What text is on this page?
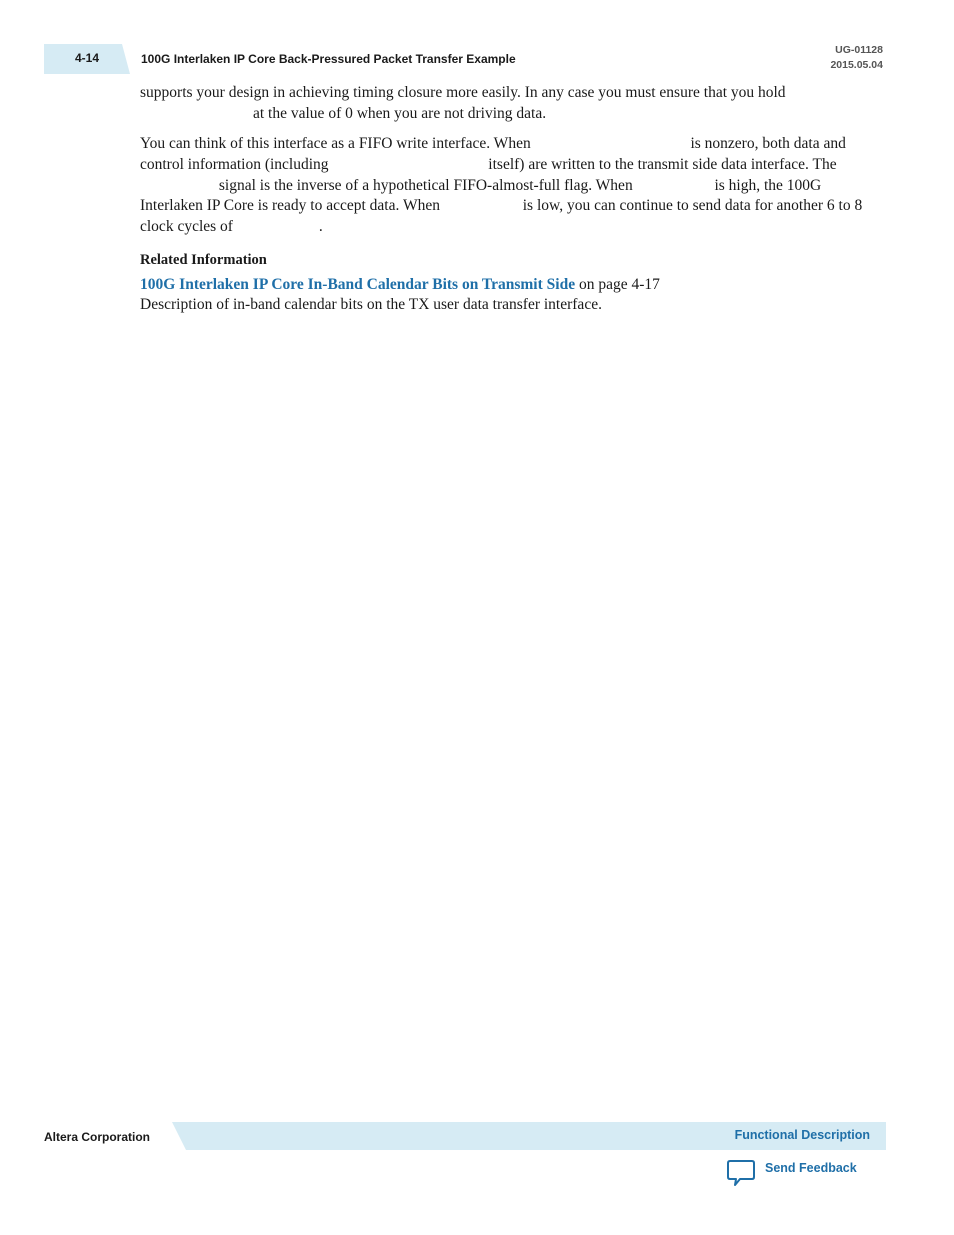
4-14	100G Interlaken IP Core Back-Pressured Packet Transfer Example
UG-01128
2015.05.04
supports your design in achieving timing closure more easily. In any case you must ensure that you hold
at the value of 0 when you are not driving data.
You can think of this interface as a FIFO write interface. When	is nonzero, both data and control information (including	itself) are written to the transmit side data interface. The  signal is the inverse of a hypothetical FIFO-almost-full flag. When	is high, the 100G Interlaken IP Core is ready to accept data. When	is low, you can continue to send data for another 6 to 8 clock cycles of	.
Related Information
100G Interlaken IP Core In-Band Calendar Bits on Transmit Side on page 4-17
Description of in-band calendar bits on the TX user data transfer interface.
Altera Corporation	Functional Description
Send Feedback
